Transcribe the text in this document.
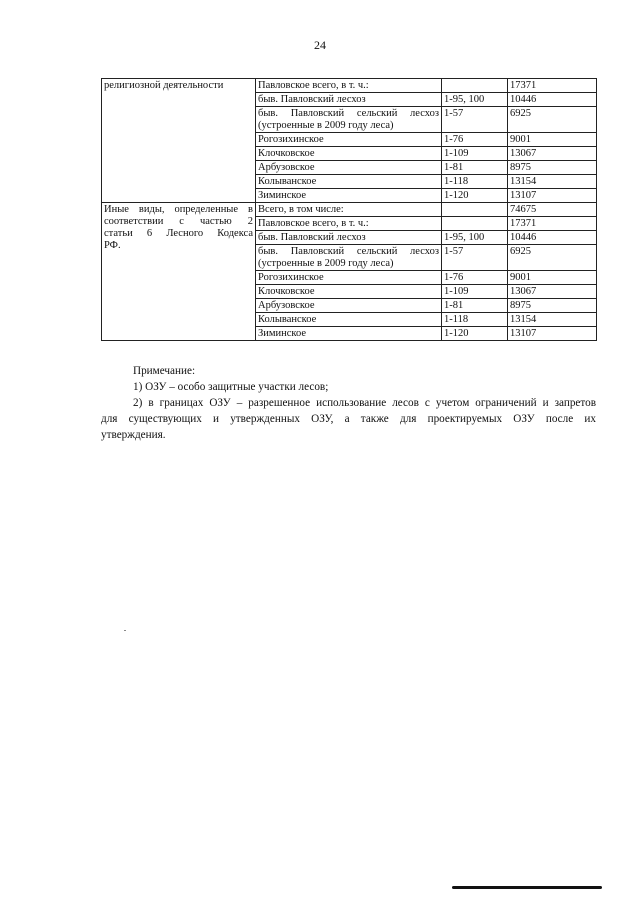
24
религиозной деятельности	Павловское всего, в т. ч.:		17371
	быв. Павловский лесхоз	1-95, 100	10446
	быв. Павловский сельский лесхоз (устроенные в 2009 году леса)	1-57	6925
	Рогозихинское	1-76	9001
	Клочковское	1-109	13067
	Арбузовское	1-81	8975
	Колыванское	1-118	13154
	Зиминское	1-120	13107

Иные виды, определенные в
соответствии с частью 2
статьи 6 Лесного Кодекса
РФ.	Всего, в том числе:		74675
	Павловское всего, в т. ч.:		17371
	быв. Павловский лесхоз	1-95, 100	10446
	быв. Павловский сельский лесхоз (устроенные в 2009 году леса)	1-57	6925
	Рогозихинское	1-76	9001
	Клочковское	1-109	13067
	Арбузовское	1-81	8975
	Колыванское	1-118	13154
	Зиминское	1-120	13107

Примечание:

1) ОЗУ – особо защитные участки лесов;

2) в границах ОЗУ – разрешенное использование лесов с учетом ограничений и запретов для существующих и утвержденных ОЗУ, а также для проектируемых ОЗУ после их утверждения.
